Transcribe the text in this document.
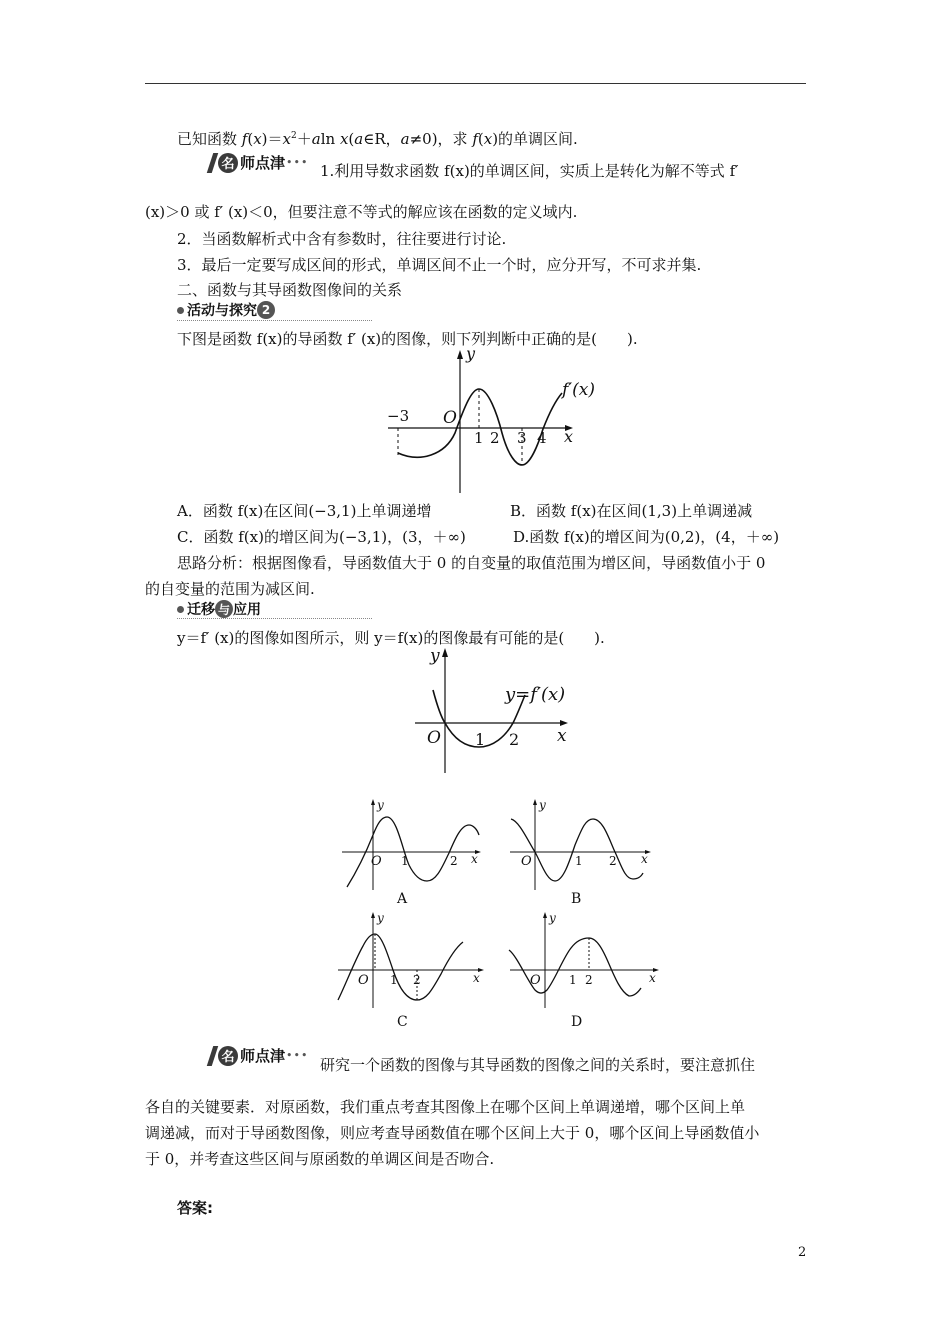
已知函数 $f(x)=x^2+aln$ x(a∈R，a≠0)，求 f(x)的单调区间.
名 师点津 ••• 1.利用导数求函数 f(x)的单调区间，实质上是转化为解不等式 f′
(x)＞0 或 f′ (x)＜0，但要注意不等式的解应该在函数的定义域内.
2．当函数解析式中含有参数时，往往要进行讨论.
3．最后一定要写成区间的形式，单调区间不止一个时，应分开写，不可求并集.
二、函数与其导函数图像间的关系
活动与探究 2
下图是函数 f(x)的导函数 f′ (x)的图像，则下列判断中正确的是(　　).
y
x
O
f′(x)
−3
1 2 3 4
A．函数 f(x)在区间(−3,1)上单调递增	B．函数 f(x)在区间(1,3)上单调递减
C．函数 f(x)的增区间为(−3,1)，(3，＋∞)	D.函数 f(x)的增区间为(0,2)，(4，＋∞)
思路分析：根据图像看，导函数值大于 0 的自变量的取值范围为增区间，导函数值小于 0
的自变量的范围为减区间.
迁移 与 应用
y＝f′ (x)的图像如图所示，则 y＝f(x)的图像最有可能的是(　　).
y
x
O
y=f′(x)
1 2
y
x
O 1	2
A
y
x
O	1 2
B
y
x
O 1 2
C
y
x
O 1 2
D
名 师点津 •••
研究一个函数的图像与其导函数的图像之间的关系时，要注意抓住
各自的关键要素．对原函数，我们重点考查其图像上在哪个区间上单调递增，哪个区间上单
调递减，而对于导函数图像，则应考查导函数值在哪个区间上大于 0，哪个区间上导函数值小
于 0，并考查这些区间与原函数的单调区间是否吻合.
答案:
2
